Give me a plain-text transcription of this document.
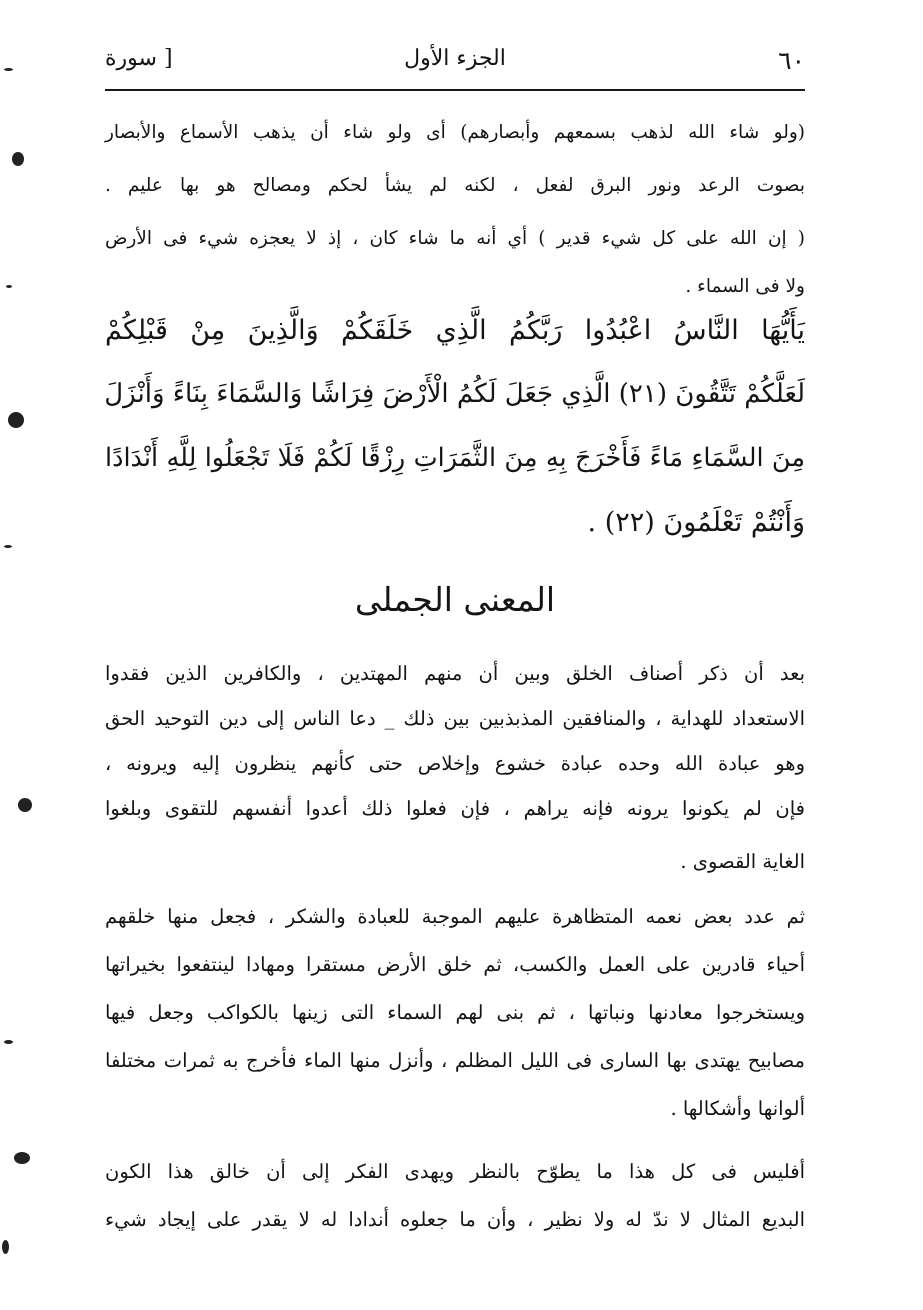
٦٠
الجزء الأول
[ سورة
(ولو شاء الله لذهب بسمعهم وأبصارهم) أى ولو شاء أن يذهب الأسماع والأبصار
بصوت الرعد ونور البرق لفعل ، لكنه لم يشأ لحكم ومصالح هو بها عليم .
( إن الله على كل شيء قدير ) أي أنه ما شاء كان ، إذ لا يعجزه شيء فى الأرض
ولا فى السماء .
يَأَيُّهَا النَّاسُ اعْبُدُوا رَبَّكُمُ الَّذِي خَلَقَكُمْ وَالَّذِينَ مِنْ قَبْلِكُمْ
لَعَلَّكُمْ تَتَّقُونَ (٢١) الَّذِي جَعَلَ لَكُمُ الْأَرْضَ فِرَاشًا وَالسَّمَاءَ بِنَاءً وَأَنْزَلَ
مِنَ السَّمَاءِ مَاءً فَأَخْرَجَ بِهِ مِنَ الثَّمَرَاتِ رِزْقًا لَكُمْ فَلَا تَجْعَلُوا لِلَّهِ أَنْدَادًا
وَأَنْتُمْ تَعْلَمُونَ (٢٢) .
المعنى الجملى
بعد أن ذكر أصناف الخلق وبين أن منهم المهتدين ، والكافرين الذين فقدوا
الاستعداد للهداية ، والمنافقين المذبذبين بين ذلك _ دعا الناس إلى دين التوحيد الحق
وهو عبادة الله وحده عبادة خشوع وإخلاص حتى كأنهم ينظرون إليه ويرونه ،
فإن لم يكونوا يرونه فإنه يراهم ، فإن فعلوا ذلك أعدوا أنفسهم للتقوى وبلغوا
الغاية القصوى .
ثم عدد بعض نعمه المتظاهرة عليهم الموجبة للعبادة والشكر ، فجعل منها خلقهم
أحياء قادرين على العمل والكسب، ثم خلق الأرض مستقرا ومهادا لينتفعوا بخيراتها
ويستخرجوا معادنها ونباتها ، ثم بنى لهم السماء التى زينها بالكواكب وجعل فيها
مصابيح يهتدى بها السارى فى الليل المظلم ، وأنزل منها الماء فأخرج به ثمرات مختلفا
ألوانها وأشكالها .
أفليس فى كل هذا ما يطوّح بالنظر ويهدى الفكر إلى أن خالق هذا الكون
البديع المثال لا ندّ له ولا نظير ، وأن ما جعلوه أندادا له لا يقدر على إيجاد شيء
